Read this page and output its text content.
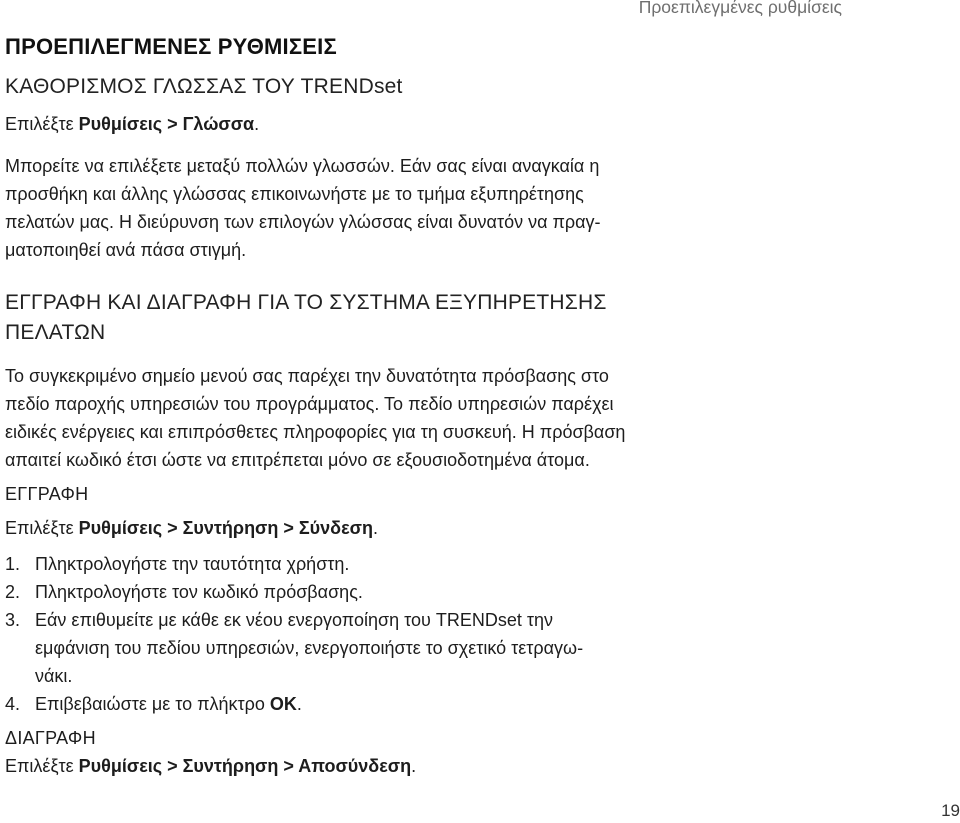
Προεπιλεγμένες ρυθμίσεις
ΠΡΟΕΠΙΛΕΓΜΕΝΕΣ ΡΥΘΜΙΣΕΙΣ
ΚΑΘΟΡΙΣΜΟΣ ΓΛΩΣΣΑΣ ΤΟΥ TRENDset

Επιλέξτε Ρυθμίσεις > Γλώσσα.

Μπορείτε να επιλέξετε μεταξύ πολλών γλωσσών. Εάν σας είναι αναγκαία η

προσθήκη και άλλης γλώσσας επικοινωνήστε με το τμήμα εξυπηρέτησης

πελατών μας. Η διεύρυνση των επιλογών γλώσσας είναι δυνατόν να πραγ-

ματοποιηθεί ανά πάσα στιγμή.

ΕΓΓΡΑΦΗ ΚΑΙ ΔΙΑΓΡΑΦΗ ΓΙΑ ΤΟ ΣΥΣΤΗΜΑ ΕΞΥΠΗΡΕΤΗΣΗΣ
ΠΕΛΑΤΩΝ

Το συγκεκριμένο σημείο μενού σας παρέχει την δυνατότητα πρόσβασης στο

πεδίο παροχής υπηρεσιών του προγράμματος. Το πεδίο υπηρεσιών παρέχει

ειδικές ενέργειες και επιπρόσθετες πληροφορίες για τη συσκευή. Η πρόσβαση

απαιτεί κωδικό έτσι ώστε να επιτρέπεται μόνο σε εξουσιοδοτημένα άτομα.

ΕΓΓΡΑΦΗ

Επιλέξτε Ρυθμίσεις > Συντήρηση > Σύνδεση.

1. Πληκτρολογήστε την ταυτότητα χρήστη.
2. Πληκτρολογήστε τον κωδικό πρόσβασης.
3. Εάν επιθυμείτε με κάθε εκ νέου ενεργοποίηση του TRENDset την
εμφάνιση του πεδίου υπηρεσιών, ενεργοποιήστε το σχετικό τετραγω-
νάκι.
4. Επιβεβαιώστε με το πλήκτρο OK.

ΔΙΑΓΡΑΦΗ

Επιλέξτε Ρυθμίσεις > Συντήρηση > Αποσύνδεση.

19
